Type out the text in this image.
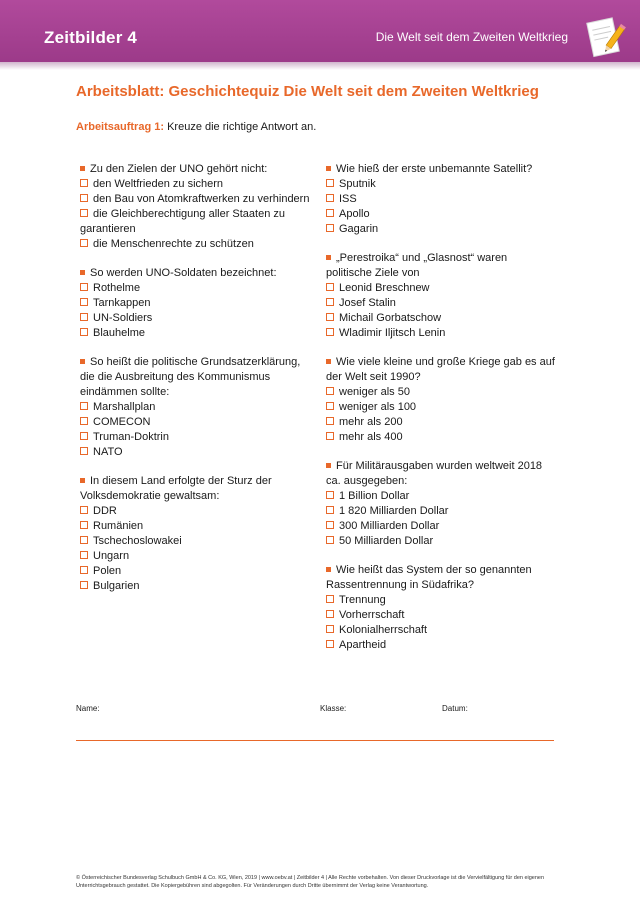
Zeitbilder 4	Die Welt seit dem Zweiten Weltkrieg
Arbeitsblatt: Geschichtequiz Die Welt seit dem Zweiten Weltkrieg
Arbeitsauftrag 1: Kreuze die richtige Antwort an.
Zu den Zielen der UNO gehört nicht:
den Weltfrieden zu sichern
den Bau von Atomkraftwerken zu verhindern
die Gleichberechtigung aller Staaten zu garantieren
die Menschenrechte zu schützen
So werden UNO-Soldaten bezeichnet:
Rothelme
Tarnkappen
UN-Soldiers
Blauhelme
So heißt die politische Grundsatzerklärung, die die Ausbreitung des Kommunismus eindämmen sollte:
Marshallplan
COMECON
Truman-Doktrin
NATO
In diesem Land erfolgte der Sturz der Volksdemokratie gewaltsam:
DDR
Rumänien
Tschechoslowakei
Ungarn
Polen
Bulgarien
Wie hieß der erste unbemannte Satellit?
Sputnik
ISS
Apollo
Gagarin
„Perestroika“ und „Glasnost“ waren politische Ziele von
Leonid Breschnew
Josef Stalin
Michail Gorbatschow
Wladimir Iljitsch Lenin
Wie viele kleine und große Kriege gab es auf der Welt seit 1990?
weniger als 50
weniger als 100
mehr als 200
mehr als 400
Für Militärausgaben wurden weltweit 2018 ca. ausgegeben:
1 Billion Dollar
1 820 Milliarden Dollar
300 Milliarden Dollar
50 Milliarden Dollar
Wie heißt das System der so genannten Rassentrennung in Südafrika?
Trennung
Vorherrschaft
Kolonialherrschaft
Apartheid
Name:	Klasse:	Datum:
© Österreichischer Bundesverlag Schulbuch GmbH & Co. KG, Wien, 2019 | www.oebv.at | Zeitbilder 4 | Alle Rechte vorbehalten. Von dieser Druckvorlage ist die Vervielfältigung für den eigenen Unterrichtsgebrauch gestattet. Die Kopiergebühren sind abgegolten. Für Veränderungen durch Dritte übernimmt der Verlag keine Verantwortung.
